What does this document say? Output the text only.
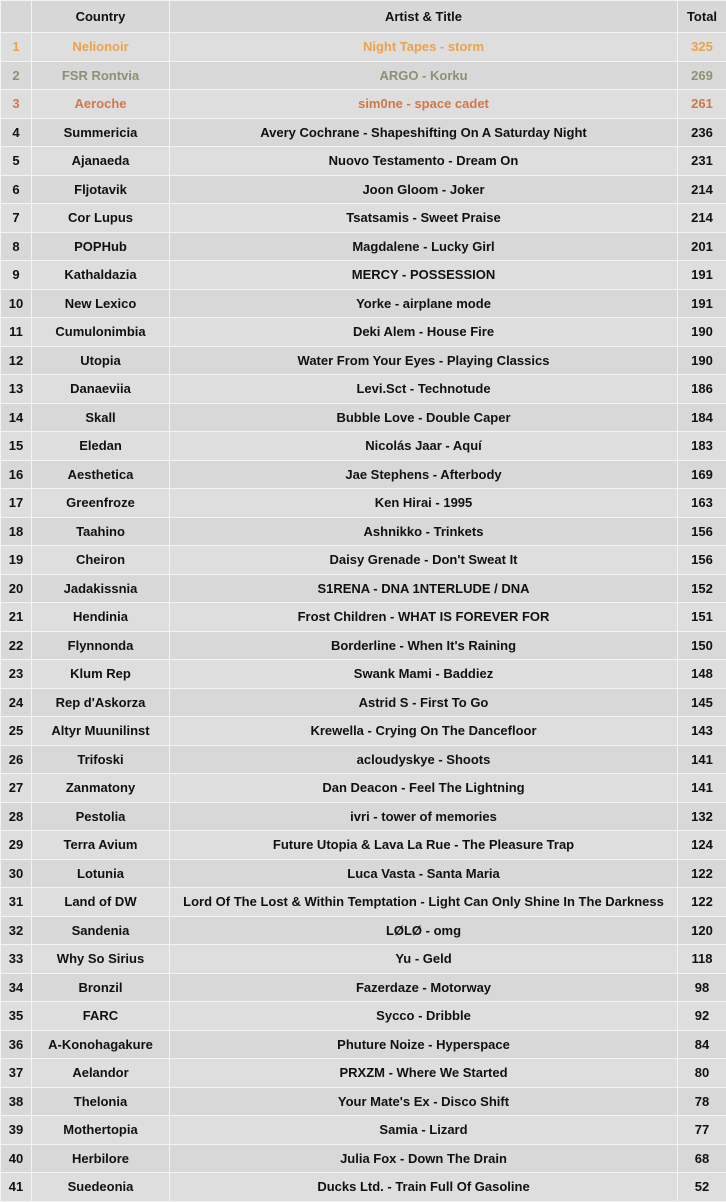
	Country	Artist & Title	Total
1	Nelionoir	Night Tapes - storm	325
2	FSR Rontvia	ARGO - Korku	269
3	Aeroche	sim0ne - space cadet	261
4	Summericia	Avery Cochrane - Shapeshifting On A Saturday Night	236
5	Ajanaeda	Nuovo Testamento - Dream On	231
6	Fljotavik	Joon Gloom - Joker	214
7	Cor Lupus	Tsatsamis - Sweet Praise	214
8	POPHub	Magdalene - Lucky Girl	201
9	Kathaldazia	MERCY - POSSESSION	191
10	New Lexico	Yorke - airplane mode	191
11	Cumulonimbia	Deki Alem - House Fire	190
12	Utopia	Water From Your Eyes - Playing Classics	190
13	Danaeviia	Levi.Sct - Technotude	186
14	Skall	Bubble Love - Double Caper	184
15	Eledan	Nicolás Jaar - Aquí	183
16	Aesthetica	Jae Stephens - Afterbody	169
17	Greenfroze	Ken Hirai - 1995	163
18	Taahino	Ashnikko - Trinkets	156
19	Cheiron	Daisy Grenade - Don't Sweat It	156
20	Jadakissnia	S1RENA - DNA 1NTERLUDE / DNA	152
21	Hendinia	Frost Children - WHAT IS FOREVER FOR	151
22	Flynnonda	Borderline - When It's Raining	150
23	Klum Rep	Swank Mami - Baddiez	148
24	Rep d'Askorza	Astrid S - First To Go	145
25	Altyr Muunilinst	Krewella - Crying On The Dancefloor	143
26	Trifoski	acloudyskye - Shoots	141
27	Zanmatony	Dan Deacon - Feel The Lightning	141
28	Pestolia	ivri - tower of memories	132
29	Terra Avium	Future Utopia & Lava La Rue - The Pleasure Trap	124
30	Lotunia	Luca Vasta - Santa Maria	122
31	Land of DW	Lord Of The Lost & Within Temptation - Light Can Only Shine In The Darkness	122
32	Sandenia	LØLØ - omg	120
33	Why So Sirius	Yu - Geld	118
34	Bronzil	Fazerdaze - Motorway	98
35	FARC	Sycco - Dribble	92
36	A-Konohagakure	Phuture Noize - Hyperspace	84
37	Aelandor	PRXZM - Where We Started	80
38	Thelonia	Your Mate's Ex - Disco Shift	78
39	Mothertopia	Samia - Lizard	77
40	Herbilore	Julia Fox - Down The Drain	68
41	Suedeonia	Ducks Ltd. - Train Full Of Gasoline	52
